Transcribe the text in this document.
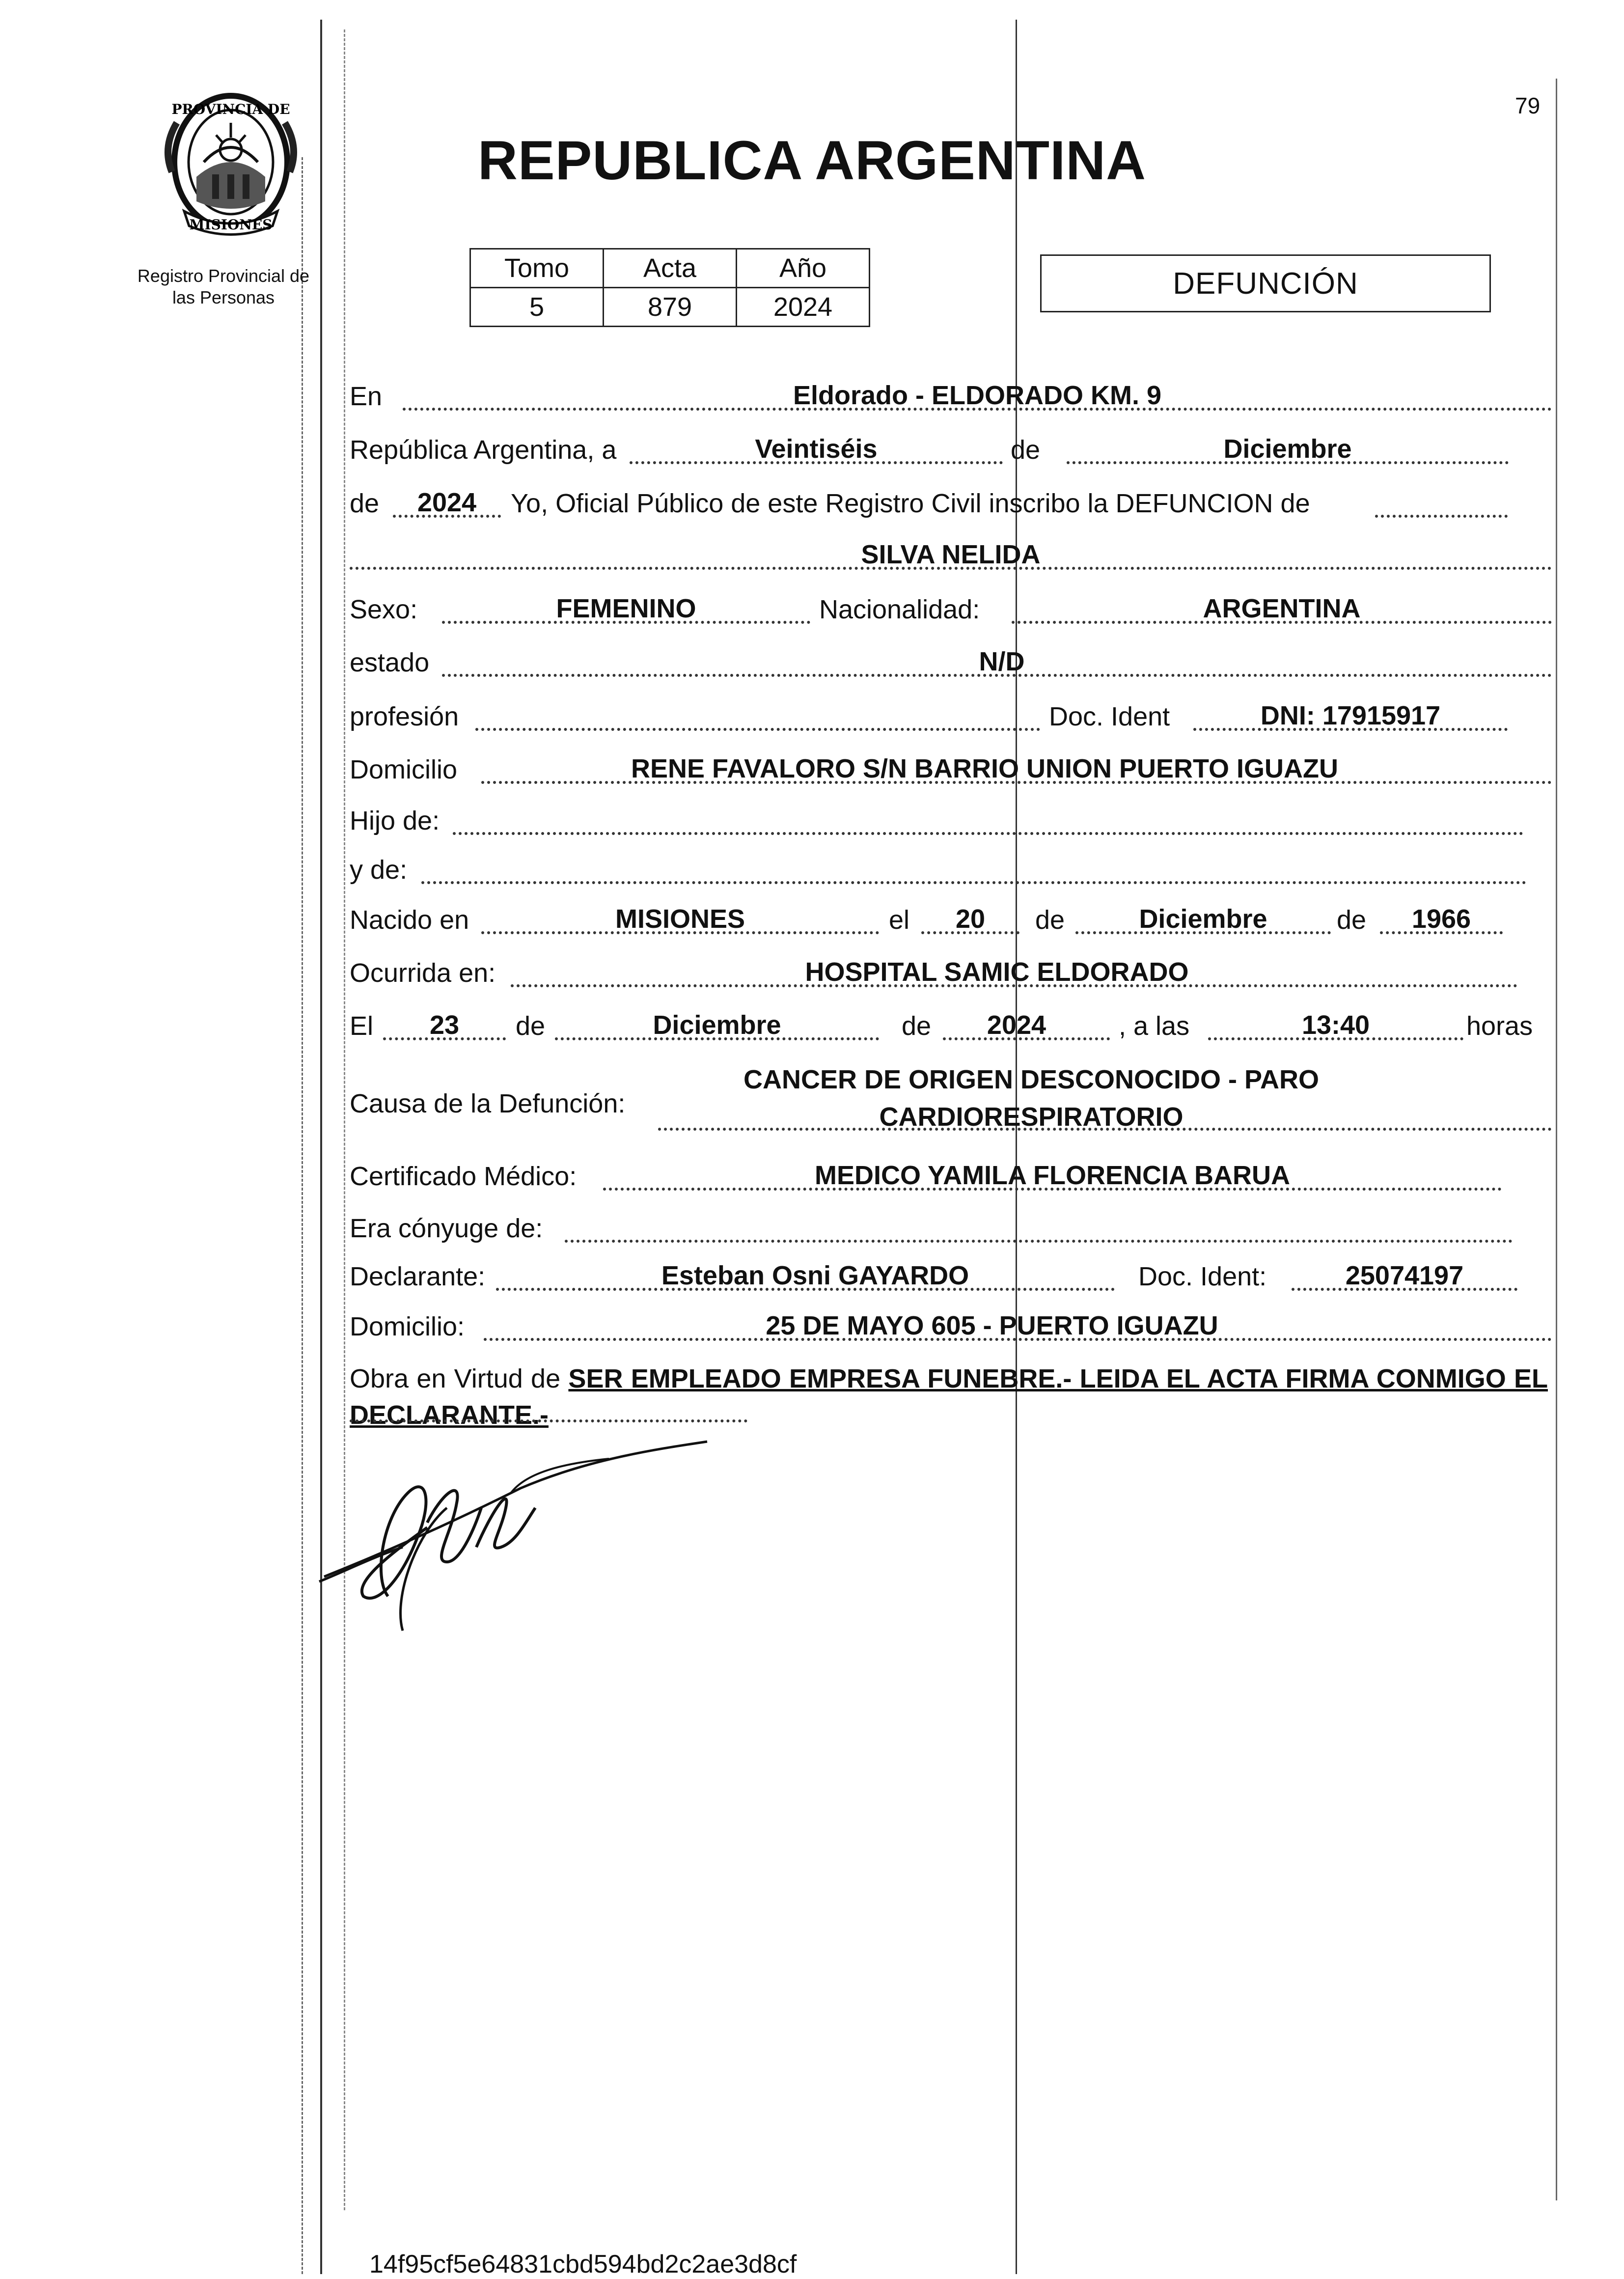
79
PROVINCIA DE
MISIONES
Registro Provincial de
las Personas
REPUBLICA ARGENTINA
Tomo	Acta	Año
5	879	2024
DEFUNCIÓN
En	Eldorado - ELDORADO KM. 9
República Argentina, a	Veintiséis	de	Diciembre
de	2024	Yo, Oficial Público de este Registro Civil inscribo la DEFUNCION de
SILVA NELIDA
Sexo:	FEMENINO	Nacionalidad:	ARGENTINA
estado	N/D
profesión	Doc. Ident	DNI: 17915917
Domicilio	RENE FAVALORO S/N BARRIO UNION PUERTO IGUAZU
Hijo de:
y de:
Nacido en	MISIONES	el	20	de	Diciembre	de	1966
Ocurrida en:	HOSPITAL SAMIC ELDORADO
El	23	de	Diciembre	de	2024	, a las	13:40	horas
Causa de la Defunción:
CANCER DE ORIGEN DESCONOCIDO - PARO
CARDIORESPIRATORIO
Certificado Médico:	MEDICO YAMILA FLORENCIA BARUA
Era cónyuge de:
Declarante:	Esteban Osni GAYARDO	Doc. Ident:	25074197
Domicilio:	25 DE MAYO 605 - PUERTO IGUAZU
Obra en Virtud de SER EMPLEADO EMPRESA FUNEBRE.- LEIDA EL ACTA FIRMA CONMIGO EL DECLARANTE.-
14f95cf5e64831cbd594bd2c2ae3d8cf
